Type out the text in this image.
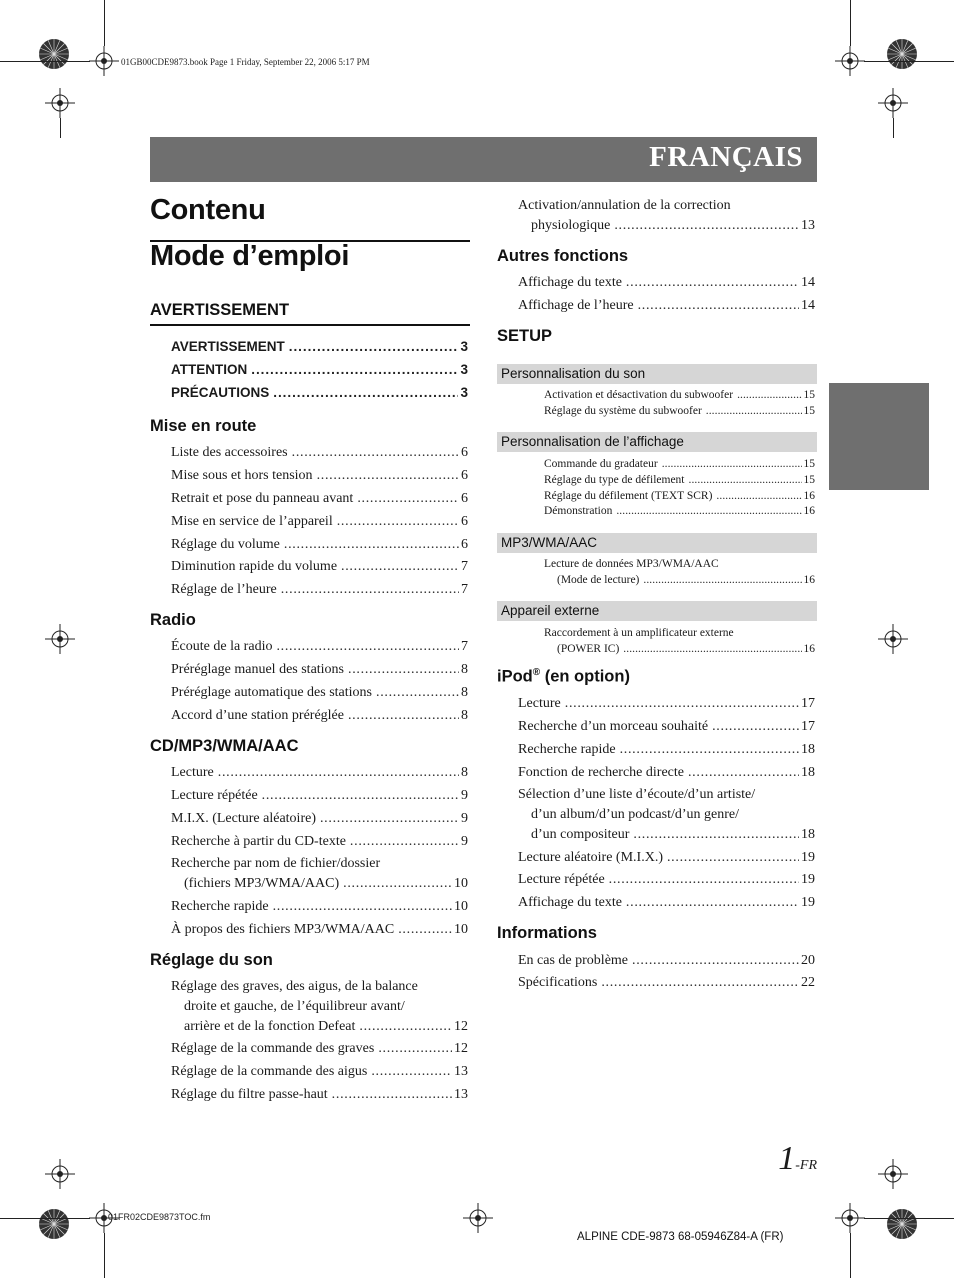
01GB00CDE9873.book Page 1 Friday, September 22, 2006 5:17 PM
01FR02CDE9873TOC.fm
FRANÇAIS
Contenu
Mode d’emploi
AVERTISSEMENT
AVERTISSEMENT . . .	3
ATTENTION . . .	3
PRÉCAUTIONS . . .	3
Mise en route
Liste des accessoires . . .	6
Mise sous et hors tension . . .	6
Retrait et pose du panneau avant . . .	6
Mise en service de l’appareil . . .	6
Réglage du volume . . .	6
Diminution rapide du volume . . .	7
Réglage de l’heure . . .	7
Radio
Écoute de la radio . . .	7
Préréglage manuel des stations . . .	8
Préréglage automatique des stations . . .	8
Accord d’une station préréglée . . .	8
CD/MP3/WMA/AAC
Lecture . . .	8
Lecture répétée . . .	9
M.I.X. (Lecture aléatoire) . . .	9
Recherche à partir du CD-texte . . .	9
Recherche par nom de fichier/dossier
(fichiers MP3/WMA/AAC) . . .	10
Recherche rapide . . .	10
À propos des fichiers MP3/WMA/AAC . . .	10
Réglage du son
Réglage des graves, des aigus, de la balance
droite et gauche, de l’équilibreur avant/
arrière et de la fonction Defeat . . .	12
Réglage de la commande des graves . . .	12
Réglage de la commande des aigus . . .	13
Réglage du filtre passe-haut . . .	13
Activation/annulation de la correction
physiologique . . .	13
Autres fonctions
Affichage du texte . . .	14
Affichage de l’heure . . .	14
SETUP
Personnalisation du son
Activation et désactivation du subwoofer . . .	15
Réglage du système du subwoofer . . .	15
Personnalisation de l’affichage
Commande du gradateur . . .	15
Réglage du type de défilement . . .	15
Réglage du défilement (TEXT SCR) . . .	16
Démonstration . . .	16
MP3/WMA/AAC
Lecture de données MP3/WMA/AAC
(Mode de lecture) . . .	16
Appareil externe
Raccordement à un amplificateur externe
(POWER IC) . . .	16
iPod® (en option)
Lecture . . .	17
Recherche d’un morceau souhaité . . .	17
Recherche rapide . . .	18
Fonction de recherche directe . . .	18
Sélection d’une liste d’écoute/d’un artiste/
d’un album/d’un podcast/d’un genre/
d’un compositeur . . .	18
Lecture aléatoire (M.I.X.) . . .	19
Lecture répétée . . .	19
Affichage du texte . . .	19
Informations
En cas de problème . . .	20
Spécifications . . .	22
1-FR
ALPINE CDE-9873 68-05946Z84-A (FR)
